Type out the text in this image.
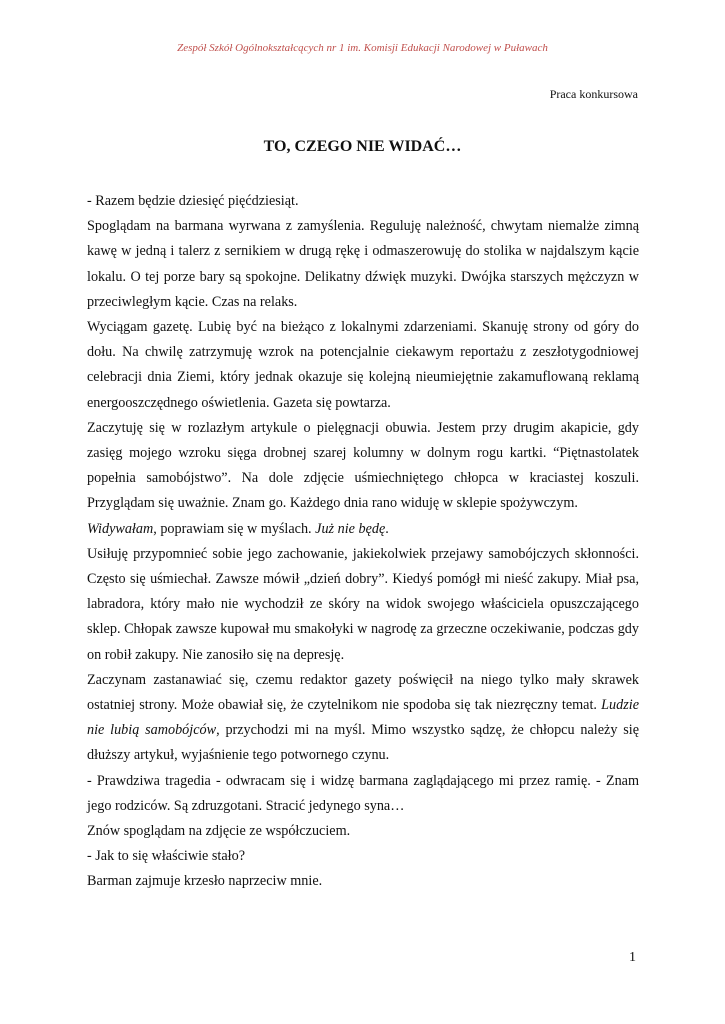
Zespół Szkół Ogólnokształcących nr 1 im. Komisji Edukacji Narodowej w Puławach
Praca konkursowa
TO, CZEGO NIE WIDAĆ…

- Razem będzie dziesięć pięćdziesiąt.

Spoglądam na barmana wyrwana z zamyślenia. Reguluję należność, chwytam niemalże zimną kawę w jedną i talerz z sernikiem w drugą rękę i odmaszerowuję do stolika w najdalszym kącie lokalu. O tej porze bary są spokojne. Delikatny dźwięk muzyki. Dwójka starszych mężczyzn w przeciwległym kącie. Czas na relaks.

Wyciągam gazetę. Lubię być na bieżąco z lokalnymi zdarzeniami. Skanuję strony od góry do dołu. Na chwilę zatrzymuję wzrok na potencjalnie ciekawym reportażu z zeszłotygodniowej celebracji dnia Ziemi, który jednak okazuje się kolejną nieumiejętnie zakamuflowaną reklamą energooszczędnego oświetlenia. Gazeta się powtarza.

Zaczytuję się w rozlazłym artykule o pielęgnacji obuwia. Jestem przy drugim akapicie, gdy zasięg mojego wzroku sięga drobnej szarej kolumny w dolnym rogu kartki. “Piętnastolatek popełnia samobójstwo”. Na dole zdjęcie uśmiechniętego chłopca w kraciastej koszuli. Przyglądam się uważnie. Znam go. Każdego dnia rano widuję w sklepie spożywczym.
Widywałam, poprawiam się w myślach. Już nie będę.

Usiłuję przypomnieć sobie jego zachowanie, jakiekolwiek przejawy samobójczych skłonności. Często się uśmiechał. Zawsze mówił „dzień dobry”. Kiedyś pomógł mi nieść zakupy. Miał psa, labradora, który mało nie wychodził ze skóry na widok swojego właściciela opuszczającego sklep. Chłopak zawsze kupował mu smakołyki w nagrodę za grzeczne oczekiwanie, podczas gdy on robił zakupy. Nie zanosiło się na depresję.

Zaczynam zastanawiać się, czemu redaktor gazety poświęcił na niego tylko mały skrawek ostatniej strony. Może obawiał się, że czytelnikom nie spodoba się tak niezręczny temat. Ludzie nie lubią samobójców, przychodzi mi na myśl. Mimo wszystko sądzę, że chłopcu należy się dłuższy artykuł, wyjaśnienie tego potwornego czynu.

- Prawdziwa tragedia - odwracam się i widzę barmana zaglądającego mi przez ramię. - Znam jego rodziców. Są zdruzgotani. Stracić jedynego syna…

Znów spoglądam na zdjęcie ze współczuciem.

- Jak to się właściwie stało?

Barman zajmuje krzesło naprzeciw mnie.

1
